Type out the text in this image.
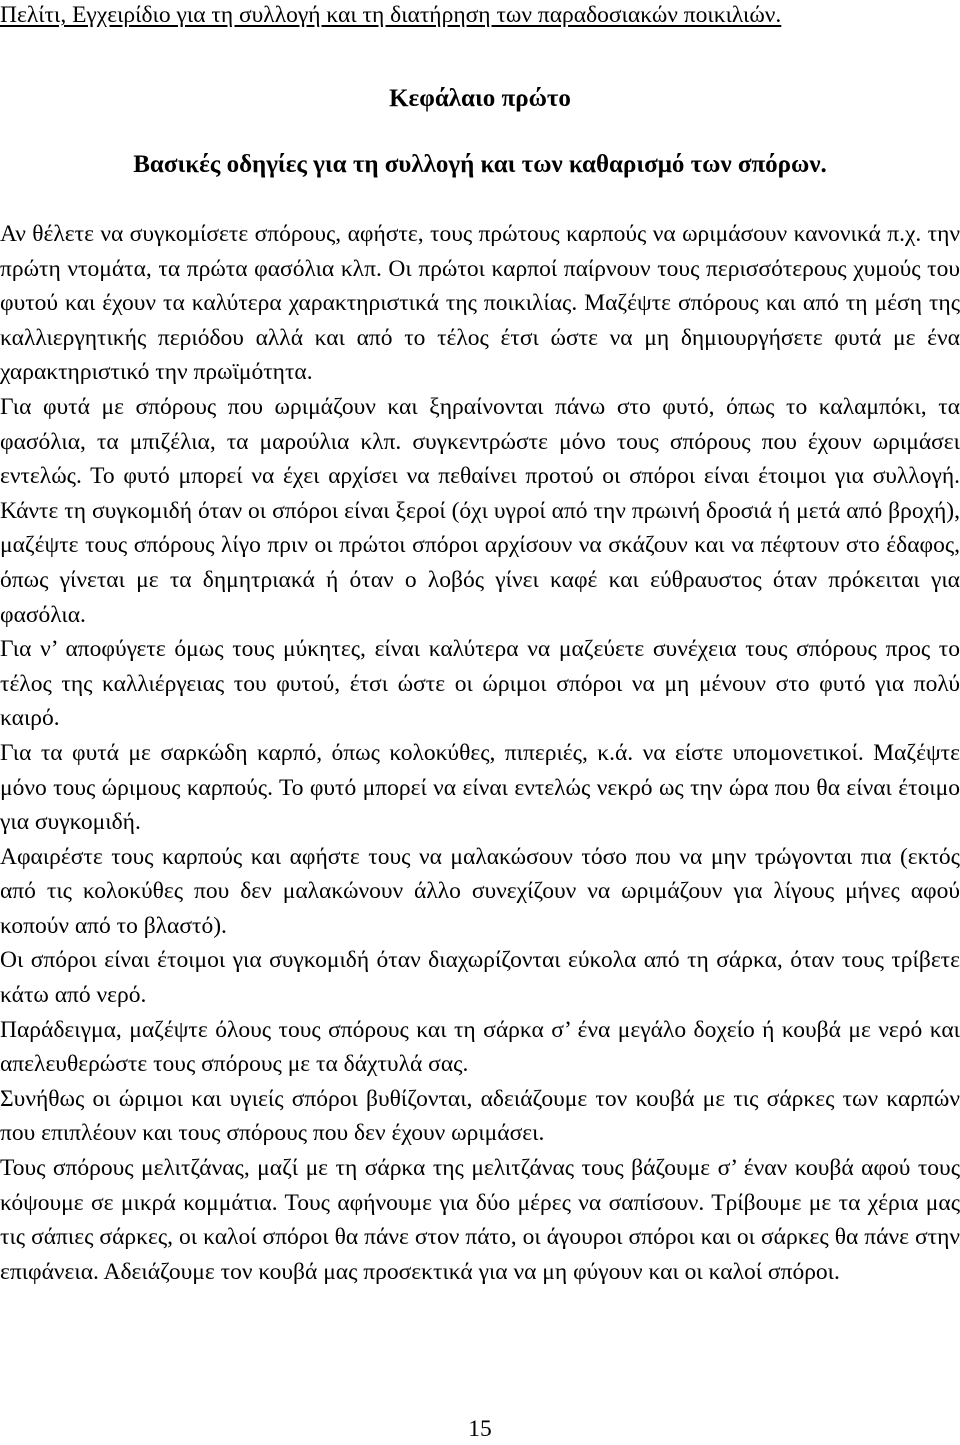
Πελίτι, Εγχειρίδιο για τη συλλογή και τη διατήρηση των παραδοσιακών ποικιλιών.
Κεφάλαιο πρώτο
Βασικές οδηγίες για τη συλλογή και των καθαρισμό των σπόρων.

Αν θέλετε να συγκομίσετε σπόρους, αφήστε, τους πρώτους καρπούς να ωριμάσουν κανονικά π.χ. την πρώτη ντομάτα, τα πρώτα φασόλια κλπ. Οι πρώτοι καρποί παίρνουν τους περισσότερους χυμούς του φυτού και έχουν τα καλύτερα χαρακτηριστικά της ποικιλίας. Μαζέψτε σπόρους και από τη μέση της καλλιεργητικής περιόδου αλλά και από το τέλος έτσι ώστε να μη δημιουργήσετε φυτά με ένα χαρακτηριστικό την πρωϊμότητα.

Για φυτά με σπόρους που ωριμάζουν και ξηραίνονται πάνω στο φυτό, όπως το καλαμπόκι, τα φασόλια, τα μπιζέλια, τα μαρούλια κλπ. συγκεντρώστε μόνο τους σπόρους που έχουν ωριμάσει εντελώς. Το φυτό μπορεί να έχει αρχίσει να πεθαίνει προτού οι σπόροι είναι έτοιμοι για συλλογή. Κάντε τη συγκομιδή όταν οι σπόροι είναι ξεροί (όχι υγροί από την πρωινή δροσιά ή μετά από βροχή), μαζέψτε τους σπόρους λίγο πριν οι πρώτοι σπόροι αρχίσουν να σκάζουν και να πέφτουν στο έδαφος, όπως γίνεται με τα δημητριακά ή όταν ο λοβός γίνει καφέ και εύθραυστος όταν πρόκειται για φασόλια.

Για ν’ αποφύγετε όμως τους μύκητες, είναι καλύτερα να μαζεύετε συνέχεια τους σπόρους προς το τέλος της καλλιέργειας του φυτού, έτσι ώστε οι ώριμοι σπόροι να μη μένουν στο φυτό για πολύ καιρό.

Για τα φυτά με σαρκώδη καρπό, όπως κολοκύθες, πιπεριές, κ.ά. να είστε υπομονετικοί. Μαζέψτε μόνο τους ώριμους καρπούς. Το φυτό μπορεί να είναι εντελώς νεκρό ως την ώρα που θα είναι έτοιμο για συγκομιδή.

Αφαιρέστε τους καρπούς και αφήστε τους να μαλακώσουν τόσο που να μην τρώγονται πια (εκτός από τις κολοκύθες που δεν μαλακώνουν άλλο συνεχίζουν να ωριμάζουν για λίγους μήνες αφού κοπούν από το βλαστό).

Οι σπόροι είναι έτοιμοι για συγκομιδή όταν διαχωρίζονται εύκολα από τη σάρκα, όταν τους τρίβετε κάτω από νερό.

Παράδειγμα, μαζέψτε όλους τους σπόρους και τη σάρκα σ’ ένα μεγάλο δοχείο ή κουβά με νερό και απελευθερώστε τους σπόρους με τα δάχτυλά σας.

Συνήθως οι ώριμοι και υγιείς σπόροι βυθίζονται, αδειάζουμε τον κουβά με τις σάρκες των καρπών που επιπλέουν και τους σπόρους που δεν έχουν ωριμάσει.

Τους σπόρους μελιτζάνας, μαζί με τη σάρκα της μελιτζάνας τους βάζουμε σ’ έναν κουβά αφού τους κόψουμε σε μικρά κομμάτια. Τους αφήνουμε για δύο μέρες να σαπίσουν. Τρίβουμε με τα χέρια μας τις σάπιες σάρκες, οι καλοί σπόροι θα πάνε στον πάτο, οι άγουροι σπόροι και οι σάρκες θα πάνε στην επιφάνεια. Αδειάζουμε τον κουβά μας προσεκτικά για να μη φύγουν και οι καλοί σπόροι.

15
